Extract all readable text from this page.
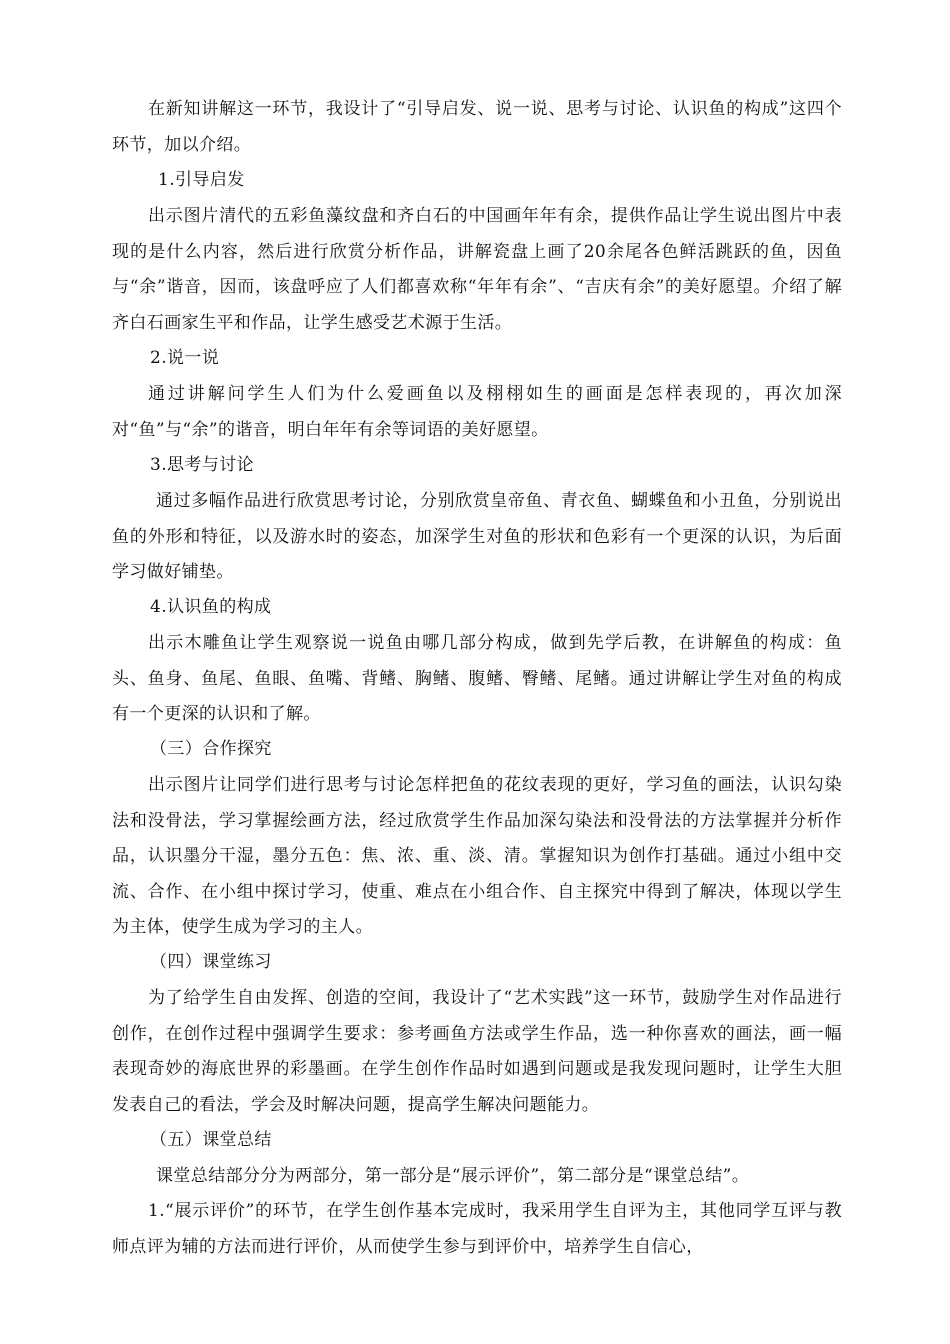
在新知讲解这一环节，我设计了“引导启发、说一说、思考与讨论、认识鱼的构成”这四个环节，加以介绍。

1.引导启发

出示图片清代的五彩鱼藻纹盘和齐白石的中国画年年有余，提供作品让学生说出图片中表现的是什么内容，然后进行欣赏分析作品，讲解瓷盘上画了20余尾各色鲜活跳跃的鱼，因鱼与“余”谐音，因而，该盘呼应了人们都喜欢称“年年有余”、“吉庆有余”的美好愿望。介绍了解齐白石画家生平和作品，让学生感受艺术源于生活。

2.说一说

通过讲解问学生人们为什么爱画鱼以及栩栩如生的画面是怎样表现的，再次加深对“鱼”与“余”的谐音，明白年年有余等词语的美好愿望。

3.思考与讨论

通过多幅作品进行欣赏思考讨论，分别欣赏皇帝鱼、青衣鱼、蝴蝶鱼和小丑鱼，分别说出鱼的外形和特征，以及游水时的姿态，加深学生对鱼的形状和色彩有一个更深的认识，为后面学习做好铺垫。

4.认识鱼的构成

出示木雕鱼让学生观察说一说鱼由哪几部分构成，做到先学后教，在讲解鱼的构成：鱼头、鱼身、鱼尾、鱼眼、鱼嘴、背鳍、胸鳍、腹鳍、臀鳍、尾鳍。通过讲解让学生对鱼的构成有一个更深的认识和了解。

（三）合作探究

出示图片让同学们进行思考与讨论怎样把鱼的花纹表现的更好，学习鱼的画法，认识勾染法和没骨法，学习掌握绘画方法，经过欣赏学生作品加深勾染法和没骨法的方法掌握并分析作品，认识墨分干湿，墨分五色：焦、浓、重、淡、清。掌握知识为创作打基础。通过小组中交流、合作、在小组中探讨学习，使重、难点在小组合作、自主探究中得到了解决，体现以学生为主体，使学生成为学习的主人。

（四）课堂练习

为了给学生自由发挥、创造的空间，我设计了“艺术实践”这一环节，鼓励学生对作品进行创作，在创作过程中强调学生要求：参考画鱼方法或学生作品，选一种你喜欢的画法，画一幅表现奇妙的海底世界的彩墨画。在学生创作作品时如遇到问题或是我发现问题时，让学生大胆发表自己的看法，学会及时解决问题，提高学生解决问题能力。

（五）课堂总结

课堂总结部分分为两部分，第一部分是“展示评价”，第二部分是“课堂总结”。

1.“展示评价”的环节，在学生创作基本完成时，我采用学生自评为主，其他同学互评与教师点评为辅的方法而进行评价，从而使学生参与到评价中，培养学生自信心，
